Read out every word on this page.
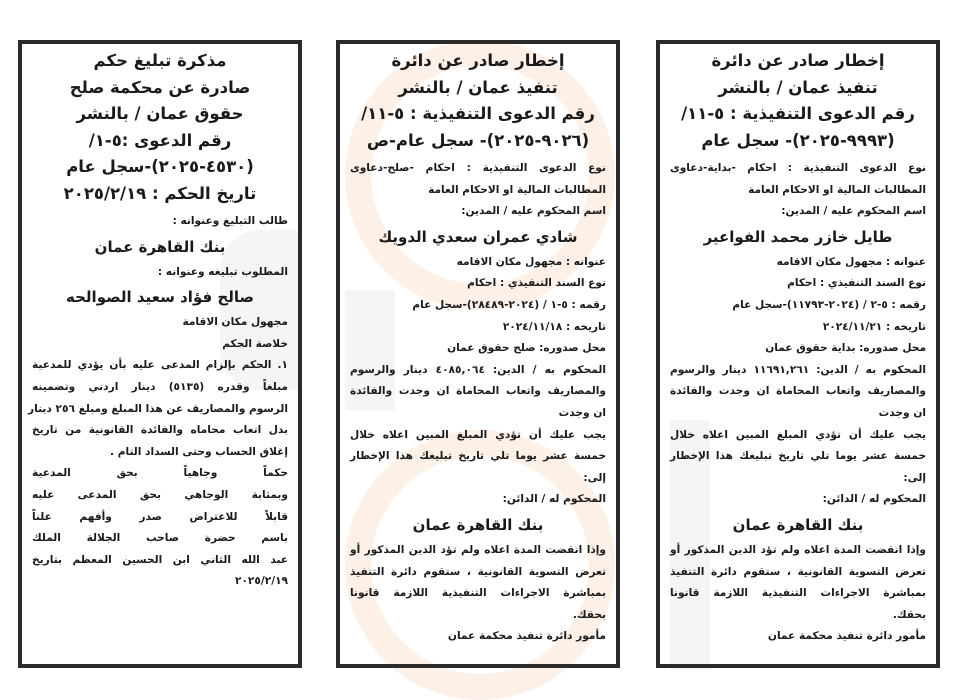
إخطار صادر عن دائرة
تنفيذ عمان / بالنشر
رقم الدعوى التنفيذية : ٥-١١/
(٩٩٩٣-٢٠٢٥)- سجل عام
نوع الدعوى التنفيذية : احكام -بداية-دعاوى
المطالبات المالية او الاحكام العامة
اسم المحكوم عليه / المدين:
طايل خازر محمد الفواعير
عنوانه : مجهول مكان الاقامه
نوع السند التنفيذي : احكام
رقمه : ٥-٢ / (٢٠٢٤-١١٧٩٣)-سجل عام
تاريخه : ٢٠٢٤/١١/٢١
محل صدوره: بداية حقوق عمان
المحكوم به / الدين: ١١٦٩١,٢٦١ دينار والرسوم
والمصاريف واتعاب المحاماة ان وجدت والفائدة
ان وجدت
يجب عليك أن تؤدي المبلغ المبين اعلاه خلال
خمسة عشر يوما تلي تاريخ تبليغك هذا الإخطار
إلى:
المحكوم له / الدائن:
بنك القاهرة عمان
وإذا انقضت المدة اعلاه ولم تؤد الدين المذكور أو
تعرض التسوية القانونية ، ستقوم دائرة التنفيذ
بمباشرة الاجراءات التنفيذية اللازمة قانونا
بحقك.
مأمور دائرة تنفيذ محكمة عمان
إخطار صادر عن دائرة
تنفيذ عمان / بالنشر
رقم الدعوى التنفيذية : ٥-١١/
(٩٠٢٦-٢٠٢٥)- سجل عام-ص
نوع الدعوى التنفيذية : احكام -صلح-دعاوى
المطالبات المالية او الاحكام العامة
اسم المحكوم عليه / المدين:
شادي عمران سعدي الدويك
عنوانه : مجهول مكان الاقامه
نوع السند التنفيذي : احكام
رقمه : ٥-١ / (٢٠٢٤-٢٨٤٨٩)-سجل عام
تاريخه : ٢٠٢٤/١١/١٨
محل صدوره: صلح حقوق عمان
المحكوم به / الدين: ٤٠٨٥,٠٦٤ دينار والرسوم
والمصاريف واتعاب المحاماة ان وجدت والفائدة
ان وجدت
يجب عليك أن تؤدي المبلغ المبين اعلاه خلال
خمسة عشر يوما تلي تاريخ تبليغك هذا الإخطار
إلى:
المحكوم له / الدائن:
بنك القاهرة عمان
وإذا انقضت المدة اعلاه ولم تؤد الدين المذكور أو
تعرض التسوية القانونية ، ستقوم دائرة التنفيذ
بمباشرة الاجراءات التنفيذية اللازمة قانونا
بحقك.
مأمور دائرة تنفيذ محكمة عمان
مذكرة تبليغ حكم
صادرة عن محكمة صلح
حقوق عمان / بالنشر
رقم الدعوى :٥-١/
(٤٥٣٠-٢٠٢٥)-سجل عام
تاريخ الحكم : ٢٠٢٥/٢/١٩
طالب التبليغ وعنوانه :
بنك القاهرة عمان
المطلوب تبليغه وعنوانه :
صالح فؤاد سعيد الصوالحه
مجهول مكان الاقامة
خلاصة الحكم
١. الحكم بإلزام المدعى عليه بأن يؤدي للمدعية
مبلغاً وقدره (٥١٣٥) دينار اردني وتضمينه
الرسوم والمصاريف عن هذا المبلغ ومبلغ ٢٥٦ دينار
بدل اتعاب محاماه والفائدة القانونية من تاريخ
إغلاق الحساب وحتى السداد التام .
حكماً وجاهياً بحق المدعية
وبمثابة الوجاهي بحق المدعى عليه
قابلاً للاعتراض صدر وأفهم علناً
باسم حضرة صاحب الجلالة الملك
عبد الله الثاني ابن الحسين المعظم بتاريخ
٢٠٢٥/٢/١٩
